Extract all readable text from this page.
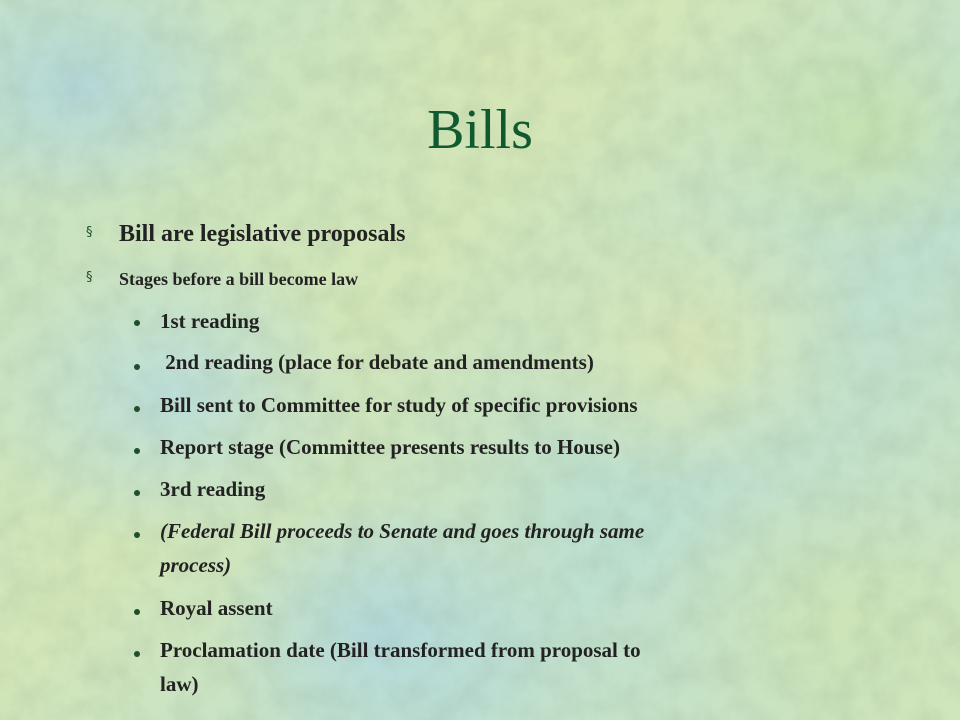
Bills
§ Bill are legislative proposals
§ Stages before a bill become law
1st reading
2nd reading (place for debate and amendments)
Bill sent to Committee for study of specific provisions
Report stage (Committee presents results to House)
3rd reading
(Federal Bill proceeds to Senate and goes through same
process)
Royal assent
Proclamation date (Bill transformed from proposal to
law)
